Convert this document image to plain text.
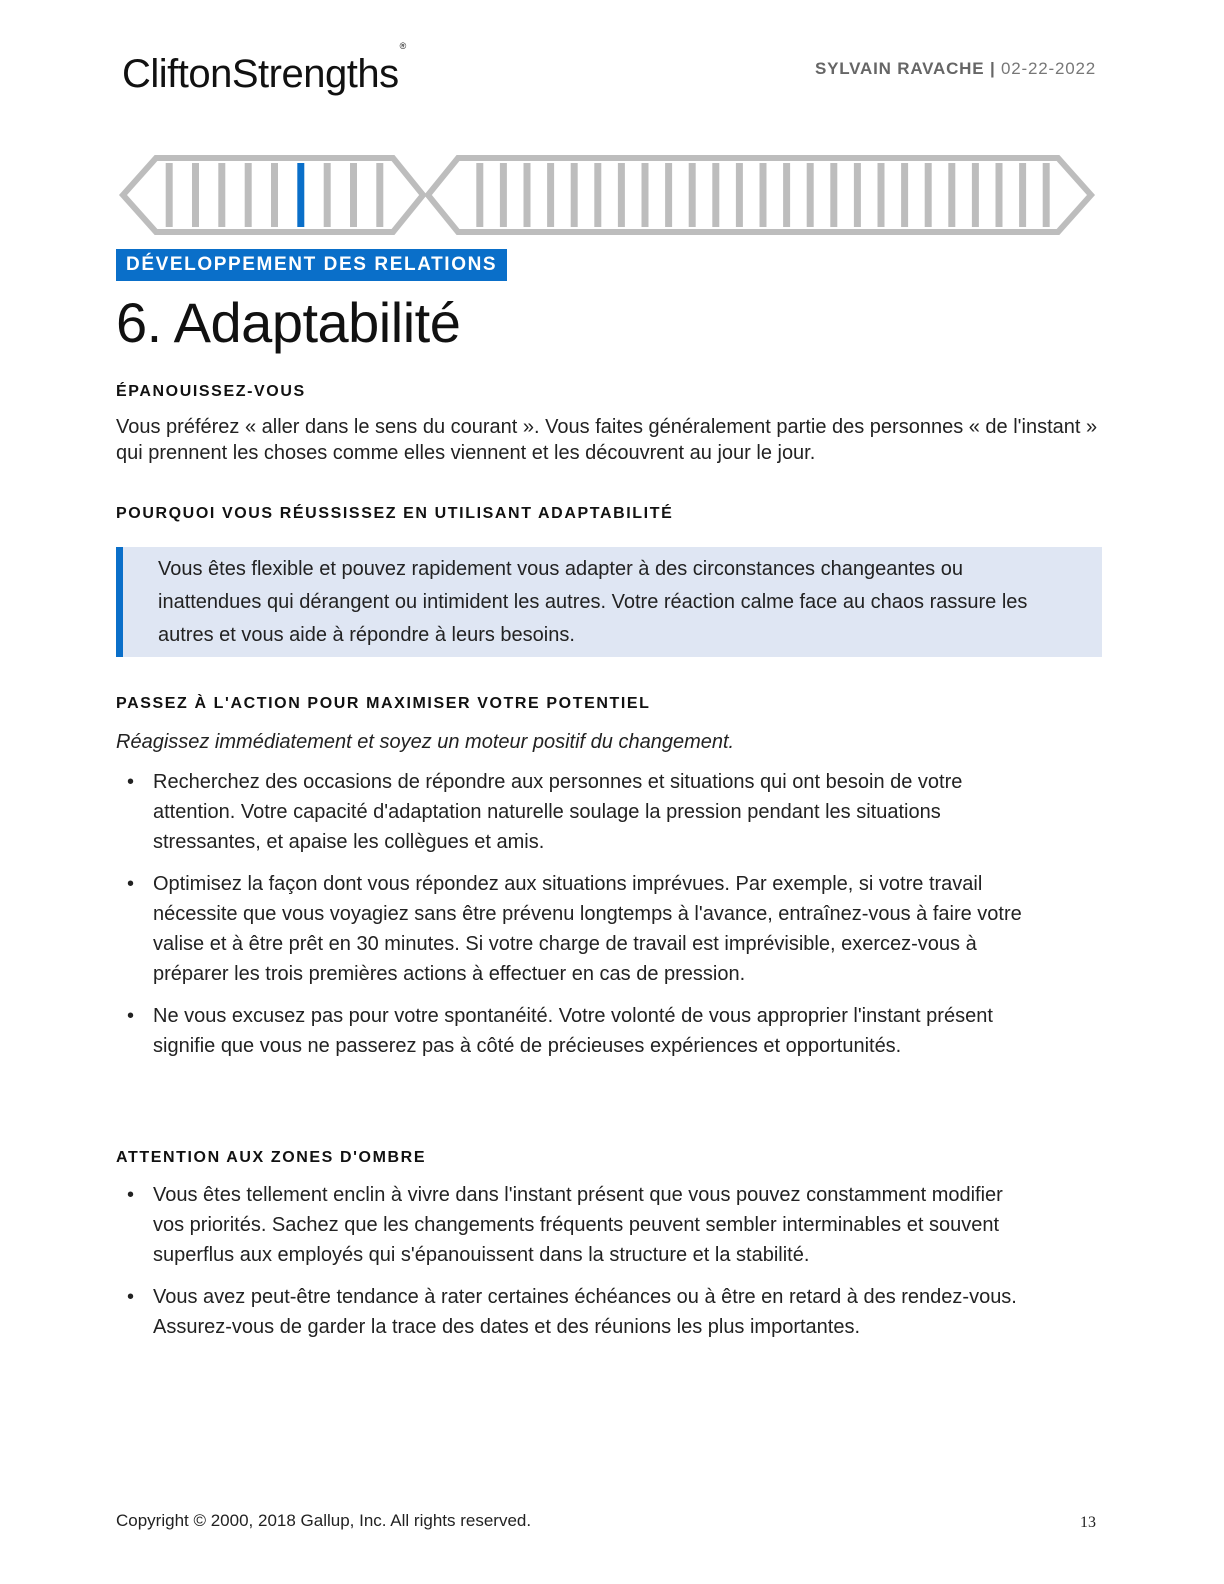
CliftonStrengths®
SYLVAIN RAVACHE | 02-22-2022
DÉVELOPPEMENT DES RELATIONS
6. Adaptabilité
ÉPANOUISSEZ-VOUS

Vous préférez « aller dans le sens du courant ». Vous faites généralement partie des personnes « de l'instant » qui prennent les choses comme elles viennent et les découvrent au jour le jour.

POURQUOI VOUS RÉUSSISSEZ EN UTILISANT ADAPTABILITÉ

Vous êtes flexible et pouvez rapidement vous adapter à des circonstances changeantes ou inattendues qui dérangent ou intimident les autres. Votre réaction calme face au chaos rassure les autres et vous aide à répondre à leurs besoins.

PASSEZ À L'ACTION POUR MAXIMISER VOTRE POTENTIEL

Réagissez immédiatement et soyez un moteur positif du changement.

• Recherchez des occasions de répondre aux personnes et situations qui ont besoin de votre attention. Votre capacité d'adaptation naturelle soulage la pression pendant les situations stressantes, et apaise les collègues et amis.
• Optimisez la façon dont vous répondez aux situations imprévues. Par exemple, si votre travail nécessite que vous voyagiez sans être prévenu longtemps à l'avance, entraînez-vous à faire votre valise et à être prêt en 30 minutes. Si votre charge de travail est imprévisible, exercez-vous à préparer les trois premières actions à effectuer en cas de pression.
• Ne vous excusez pas pour votre spontanéité. Votre volonté de vous approprier l'instant présent signifie que vous ne passerez pas à côté de précieuses expériences et opportunités.
ATTENTION AUX ZONES D'OMBRE
• Vous êtes tellement enclin à vivre dans l'instant présent que vous pouvez constamment modifier vos priorités. Sachez que les changements fréquents peuvent sembler interminables et souvent superflus aux employés qui s'épanouissent dans la structure et la stabilité.
• Vous avez peut-être tendance à rater certaines échéances ou à être en retard à des rendez-vous. Assurez-vous de garder la trace des dates et des réunions les plus importantes.
Copyright © 2000, 2018 Gallup, Inc. All rights reserved.	13
